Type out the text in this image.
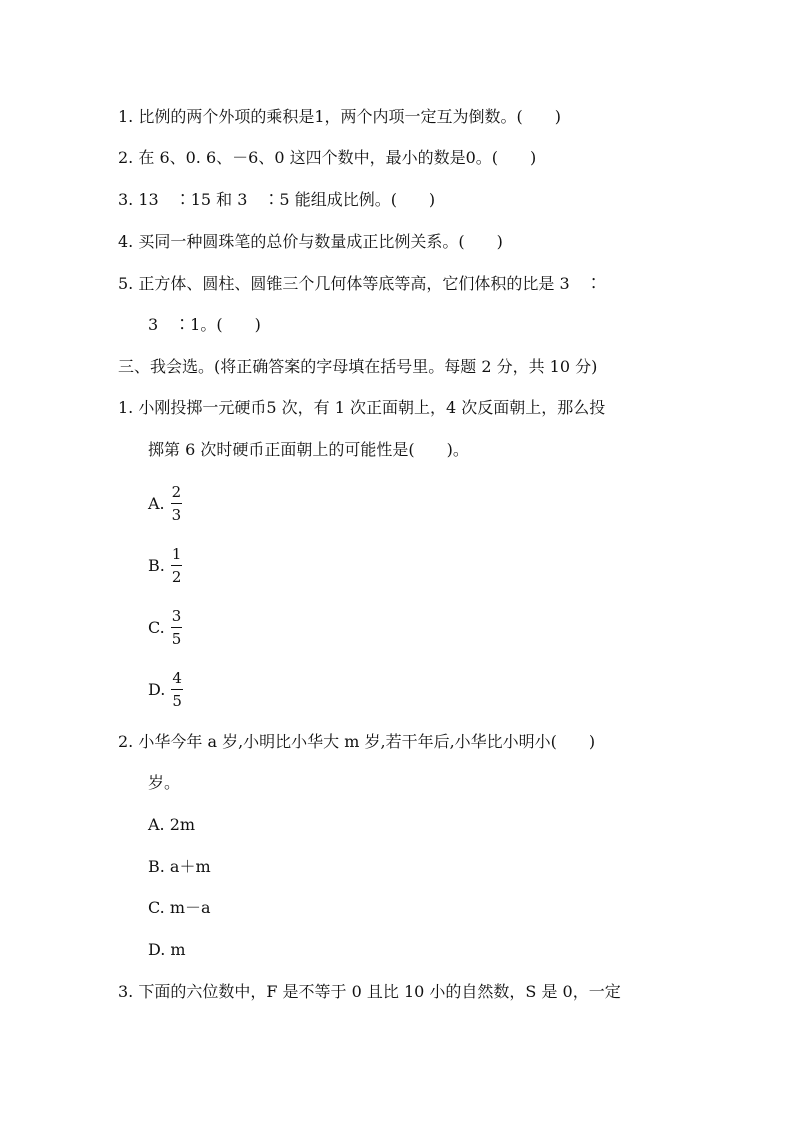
1. 比例的两个外项的乘积是1，两个内项一定互为倒数。(　　)
2. 在 6、0. 6、－6、0 这四个数中，最小的数是0。(　　)
3. 13　∶15 和 3　∶5 能组成比例。(　　)
4. 买同一种圆珠笔的总价与数量成正比例关系。(　　)
5. 正方体、圆柱、圆锥三个几何体等底等高，它们体积的比是 3　∶
3　∶1。(　　)
三、我会选。(将正确答案的字母填在括号里。每题 2 分，共 10 分)
1. 小刚投掷一元硬币5 次，有 1 次正面朝上，4 次反面朝上，那么投
掷第 6 次时硬币正面朝上的可能性是(　　)。
A. $\frac{2}{3}$
B. $\frac{1}{2}$
C. $\frac{3}{5}$
D. $\frac{4}{5}$
2. 小华今年 a 岁,小明比小华大 m 岁,若干年后,小华比小明小(　　)
岁。
A. 2m
B. a＋m
C. m－a
D. m
3. 下面的六位数中，F 是不等于 0 且比 10 小的自然数，S 是 0，一定
